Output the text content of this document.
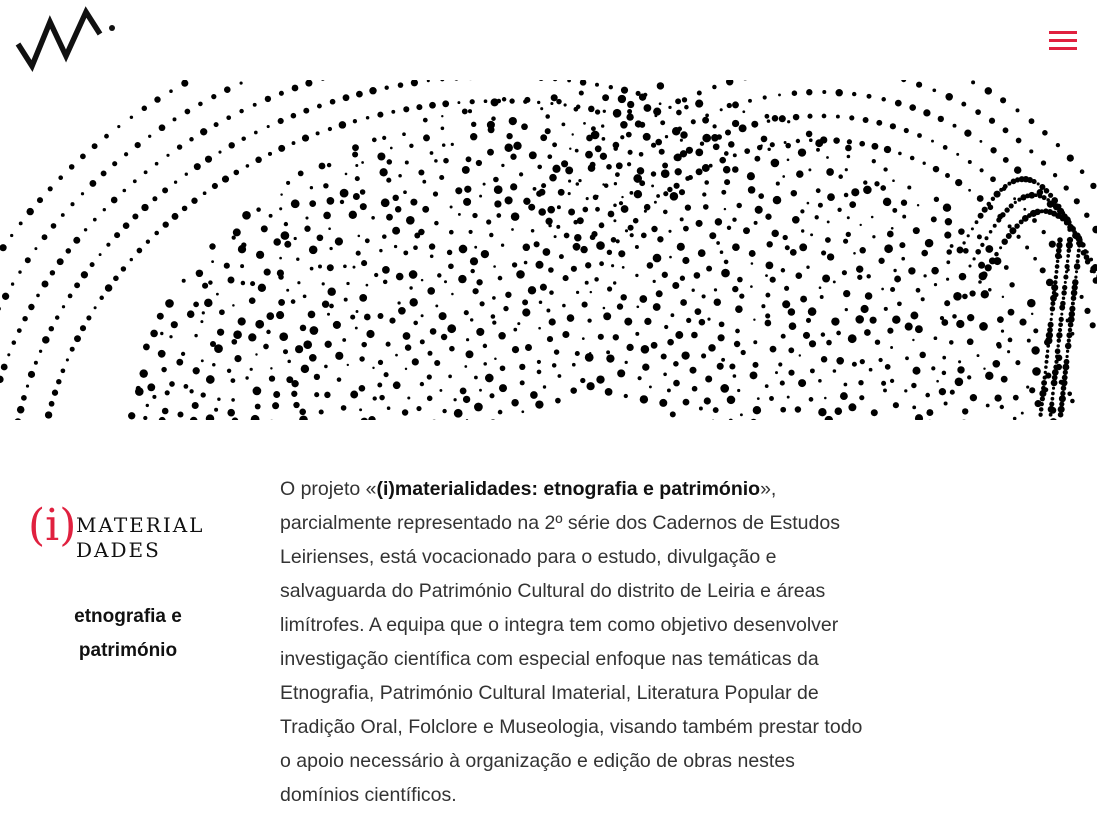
(i) MATERIAL
DADES
etnografia e
património

O projeto «(i)materialidades: etnografia e património», parcialmente representado na 2º série dos Cadernos de Estudos Leirienses, está vocacionado para o estudo, divulgação e salvaguarda do Património Cultural do distrito de Leiria e áreas limítrofes. A equipa que o integra tem como objetivo desenvolver investigação científica com especial enfoque nas temáticas da Etnografia, Património Cultural Imaterial, Literatura Popular de Tradição Oral, Folclore e Museologia, visando também prestar todo o apoio necessário à organização e edição de obras nestes domínios científicos.
